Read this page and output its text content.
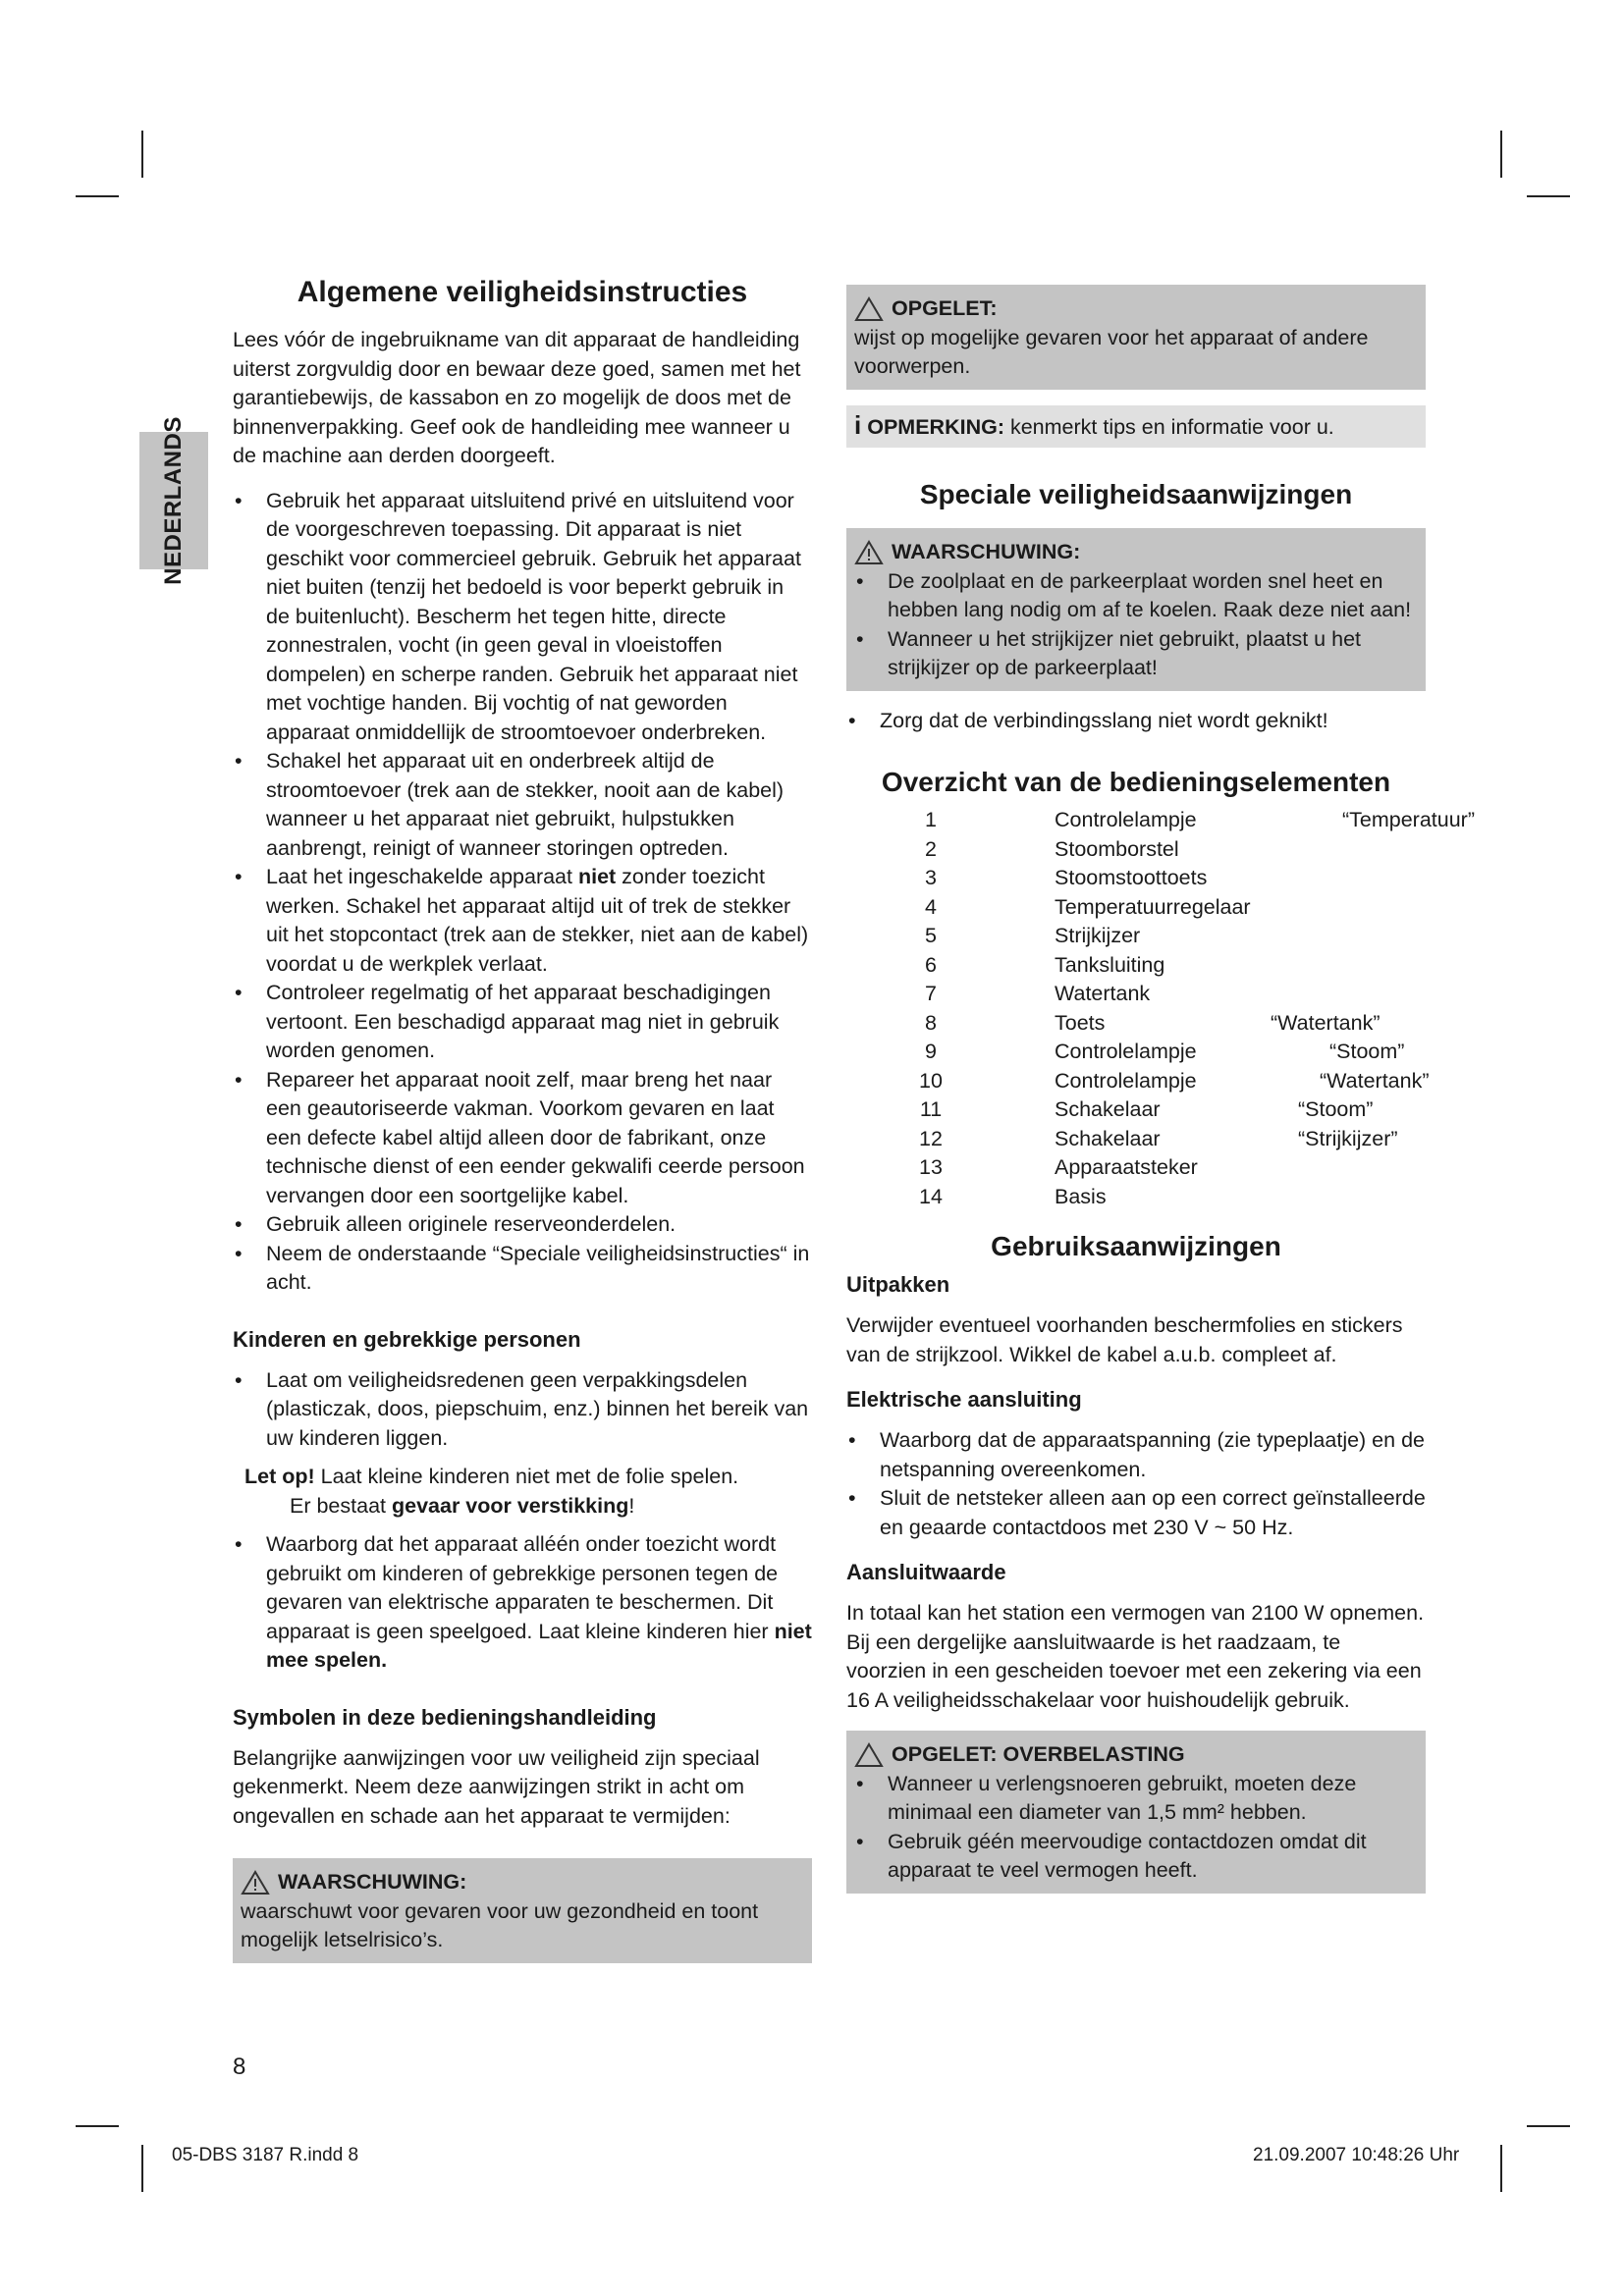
NEDERLANDS
Algemene veiligheidsinstructies

Lees vóór de ingebruikname van dit apparaat de handleiding uiterst zorgvuldig door en bewaar deze goed, samen met het garantiebewijs, de kassabon en zo mogelijk de doos met de binnenverpakking. Geef ook de handleiding mee wanneer u de machine aan derden doorgeeft.

• Gebruik het apparaat uitsluitend privé en uitsluitend voor de voorgeschreven toepassing. Dit apparaat is niet geschikt voor commercieel gebruik. Gebruik het apparaat niet buiten (tenzij het bedoeld is voor beperkt gebruik in de buitenlucht). Bescherm het tegen hitte, directe zonnestralen, vocht (in geen geval in vloeistoffen dompelen) en scherpe randen. Gebruik het apparaat niet met vochtige handen. Bij vochtig of nat geworden apparaat onmiddellijk de stroomtoevoer onderbreken.
• Schakel het apparaat uit en onderbreek altijd de stroomtoevoer (trek aan de stekker, nooit aan de kabel) wanneer u het apparaat niet gebruikt, hulpstukken aanbrengt, reinigt of wanneer storingen optreden.
• Laat het ingeschakelde apparaat niet zonder toezicht werken. Schakel het apparaat altijd uit of trek de stekker uit het stopcontact (trek aan de stekker, niet aan de kabel) voordat u de werkplek verlaat.
• Controleer regelmatig of het apparaat beschadigingen vertoont. Een beschadigd apparaat mag niet in gebruik worden genomen.
• Repareer het apparaat nooit zelf, maar breng het naar een geautoriseerde vakman. Voorkom gevaren en laat een defecte kabel altijd alleen door de fabrikant, onze technische dienst of een eender gekwalifi ceerde persoon vervangen door een soortgelijke kabel.
• Gebruik alleen originele reserveonderdelen.
• Neem de onderstaande “Speciale veiligheidsinstructies“ in acht.
Kinderen en gebrekkige personen
• Laat om veiligheidsredenen geen verpakkingsdelen (plasticzak, doos, piepschuim, enz.) binnen het bereik van uw kinderen liggen.
Let op! Laat kleine kinderen niet met de folie spelen.
Er bestaat gevaar voor verstikking!
• Waarborg dat het apparaat alléén onder toezicht wordt gebruikt om kinderen of gebrekkige personen tegen de gevaren van elektrische apparaten te beschermen. Dit apparaat is geen speelgoed. Laat kleine kinderen hier niet mee spelen.
Symbolen in deze bedieningshandleiding

Belangrijke aanwijzingen voor uw veiligheid zijn speciaal gekenmerkt. Neem deze aanwijzingen strikt in acht om ongevallen en schade aan het apparaat te vermijden:

WAARSCHUWING:

waarschuwt voor gevaren voor uw gezondheid en toont mogelijk letselrisico’s.

OPGELET:

wijst op mogelijke gevaren voor het apparaat of andere voorwerpen.

i OPMERKING: kenmerkt tips en informatie voor u.
Speciale veiligheidsaanwijzingen
WAARSCHUWING:
• De zoolplaat en de parkeerplaat worden snel heet en hebben lang nodig om af te koelen. Raak deze niet aan!
• Wanneer u het strijkijzer niet gebruikt, plaatst u het strijkijzer op de parkeerplaat!
• Zorg dat de verbindingsslang niet wordt geknikt!
Overzicht van de bedieningselementen
1	Controlelampje	“Temperatuur”
2	Stoomborstel
3	Stoomstoottoets
4	Temperatuurregelaar
5	Strijkijzer
6	Tanksluiting
7	Watertank
8	Toets	“Watertank”
9	Controlelampje	“Stoom”
10	Controlelampje	“Watertank”
11	Schakelaar	“Stoom”
12	Schakelaar	“Strijkijzer”
13	Apparaatsteker
14	Basis
Gebruiksaanwijzingen
Uitpakken

Verwijder eventueel voorhanden beschermfolies en stickers van de strijkzool. Wikkel de kabel a.u.b. compleet af.

Elektrische aansluiting
• Waarborg dat de apparaatspanning (zie typeplaatje) en de netspanning overeenkomen.
• Sluit de netsteker alleen aan op een correct geïnstalleerde en geaarde contactdoos met 230 V ~ 50 Hz.
Aansluitwaarde

In totaal kan het station een vermogen van 2100 W opnemen. Bij een dergelijke aansluitwaarde is het raadzaam, te voorzien in een gescheiden toevoer met een zekering via een 16 A veiligheidsschakelaar voor huishoudelijk gebruik.

OPGELET: OVERBELASTING
• Wanneer u verlengsnoeren gebruikt, moeten deze minimaal een diameter van 1,5 mm² hebben.
• Gebruik géén meervoudige contactdozen omdat dit apparaat te veel vermogen heeft.
8
05-DBS 3187 R.indd 8	21.09.2007 10:48:26 Uhr
